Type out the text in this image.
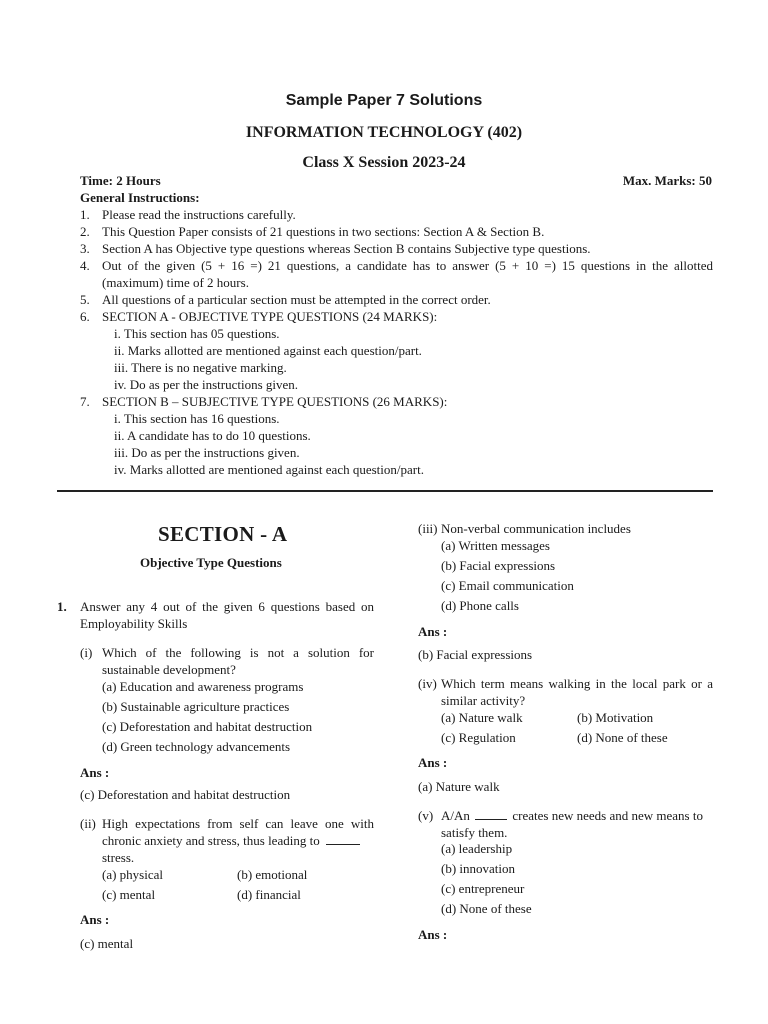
Sample Paper 7 Solutions
INFORMATION TECHNOLOGY (402)
Class X Session 2023-24
Time: 2 Hours	Max. Marks: 50
General Instructions:
1. Please read the instructions carefully.
2. This Question Paper consists of 21 questions in two sections: Section A & Section B.
3. Section A has Objective type questions whereas Section B contains Subjective type questions.
4. Out of the given (5 + 16 =) 21 questions, a candidate has to answer (5 + 10 =) 15 questions in the allotted
(maximum) time of 2 hours.
5. All questions of a particular section must be attempted in the correct order.
6. SECTION A - OBJECTIVE TYPE QUESTIONS (24 MARKS):
i. This section has 05 questions.
ii. Marks allotted are mentioned against each question/part.
iii. There is no negative marking.
iv. Do as per the instructions given.
7. SECTION B – SUBJECTIVE TYPE QUESTIONS (26 MARKS):
i. This section has 16 questions.
ii. A candidate has to do 10 questions.
iii. Do as per the instructions given.
iv. Marks allotted are mentioned against each question/part.
SECTION - A
Objective Type Questions
1. Answer any 4 out of the given 6 questions based on
Employability Skills
(i) Which of the following is not a solution for
sustainable development?
(a) Education and awareness programs
(b) Sustainable agriculture practices
(c) Deforestation and habitat destruction
(d) Green technology advancements
Ans :
(c) Deforestation and habitat destruction
(ii) High expectations from self can leave one with
chronic anxiety and stress, thus leading to
stress.
(a) physical	(b) emotional
(c) mental	(d) financial
Ans :
(c) mental
(iii) Non-verbal communication includes
(a) Written messages
(b) Facial expressions
(c) Email communication
(d) Phone calls
Ans :
(b) Facial expressions
(iv) Which term means walking in the local park or a
similar activity?
(a) Nature walk	(b) Motivation
(c) Regulation	(d) None of these
Ans :
(a) Nature walk
(v) A/An	creates new needs and new means to
satisfy them.
(a) leadership
(b) innovation
(c) entrepreneur
(d) None of these
Ans :
